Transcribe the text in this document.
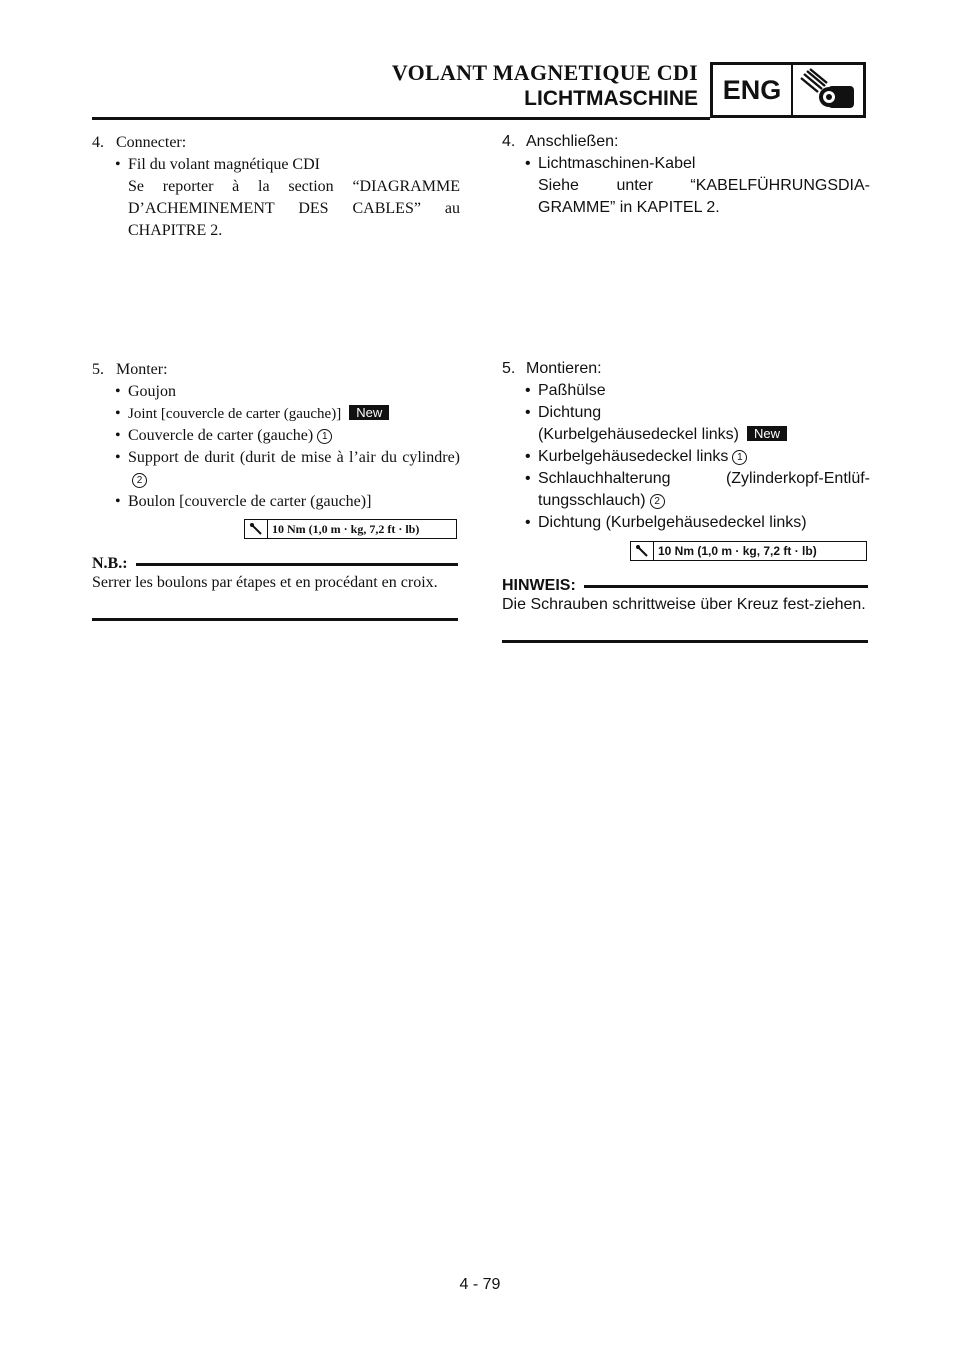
VOLANT MAGNETIQUE CDI
LICHTMASCHINE ENG
4. Connecter:
• Fil du volant magnétique CDI
Se reporter à la section “DIAGRAMME D’ACHEMINEMENT DES CABLES” au CHAPITRE 2.
5. Monter:
• Goujon
• Joint [couvercle de carter (gauche)] New
• Couvercle de carter (gauche) 1
• Support de durit (durit de mise à l’air du cylindre)2
• Boulon [couvercle de carter (gauche)]
10 Nm (1,0 m · kg, 7,2 ft · lb)
N.B.:
Serrer les boulons par étapes et en procédant en croix.
4. Anschließen:
• Lichtmaschinen-Kabel
Siehe unter “KABELFÜHRUNGSDIA-GRAMME” in KAPITEL 2.
5. Montieren:
• Paßhülse
• Dichtung
(Kurbelgehäusedeckel links) New
• Kurbelgehäusedeckel links 1
• Schlauchhalterung (Zylinderkopf-Entlüf-tungsschlauch) 2
• Dichtung (Kurbelgehäusedeckel links)
10 Nm (1,0 m · kg, 7,2 ft · lb)
HINWEIS:
Die Schrauben schrittweise über Kreuz fest-ziehen.
4 - 79
